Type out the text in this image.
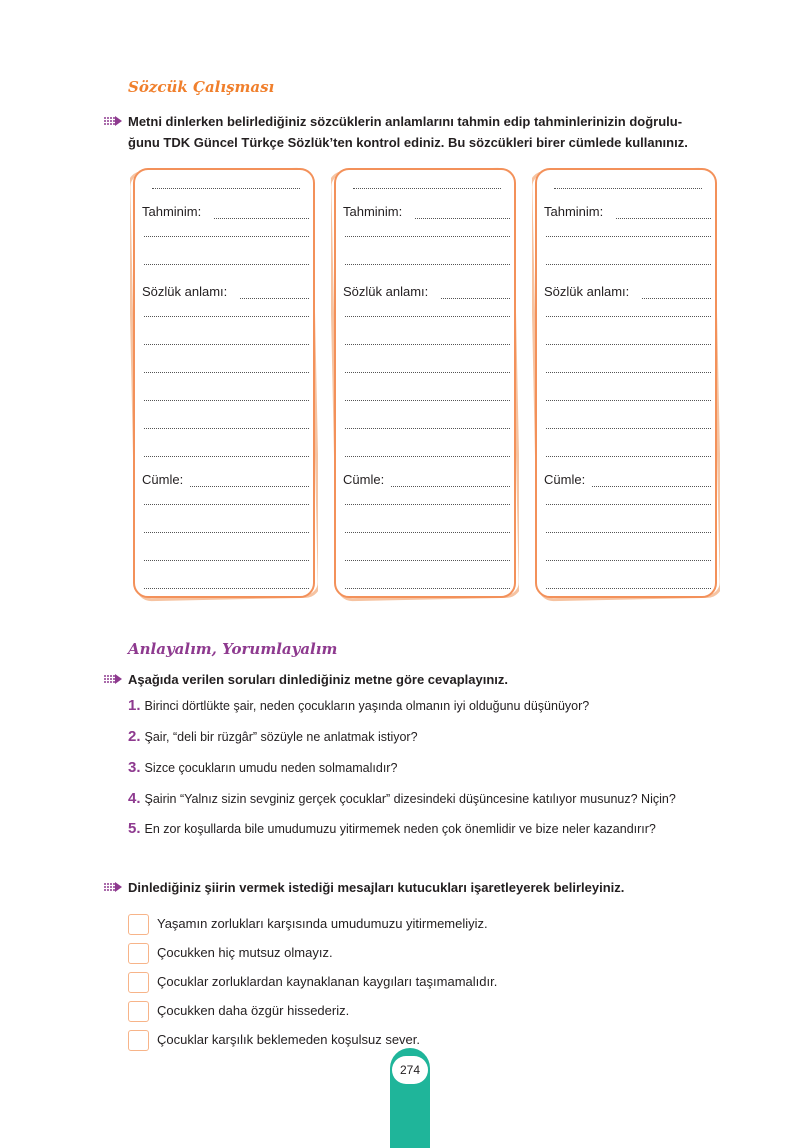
Sözcük Çalışması
Metni dinlerken belirlediğiniz sözcüklerin anlamlarını tahmin edip tahminlerinizin doğrulu-
ğunu TDK Güncel Türkçe Sözlük’ten kontrol ediniz. Bu sözcükleri birer cümlede kullanınız.
Tahminim:
Sözlük anlamı:
Cümle:
Tahminim:
Sözlük anlamı:
Cümle:
Tahminim:
Sözlük anlamı:
Cümle:
Anlayalım, Yorumlayalım
Aşağıda verilen soruları dinlediğiniz metne göre cevaplayınız.
1. Birinci dörtlükte şair, neden çocukların yaşında olmanın iyi olduğunu düşünüyor?
2. Şair, “deli bir rüzgâr” sözüyle ne anlatmak istiyor?
3. Sizce çocukların umudu neden solmamalıdır?
4. Şairin “Yalnız sizin sevginiz gerçek çocuklar” dizesindeki düşüncesine katılıyor musunuz? Niçin?
5. En zor koşullarda bile umudumuzu yitirmemek neden çok önemlidir ve bize neler kazandırır?
Dinlediğiniz şiirin vermek istediği mesajları kutucukları işaretleyerek belirleyiniz.
Yaşamın zorlukları karşısında umudumuzu yitirmemeliyiz.
Çocukken hiç mutsuz olmayız.
Çocuklar zorluklardan kaynaklanan kaygıları taşımamalıdır.
Çocukken daha özgür hissederiz.
Çocuklar karşılık beklemeden koşulsuz sever.
274
